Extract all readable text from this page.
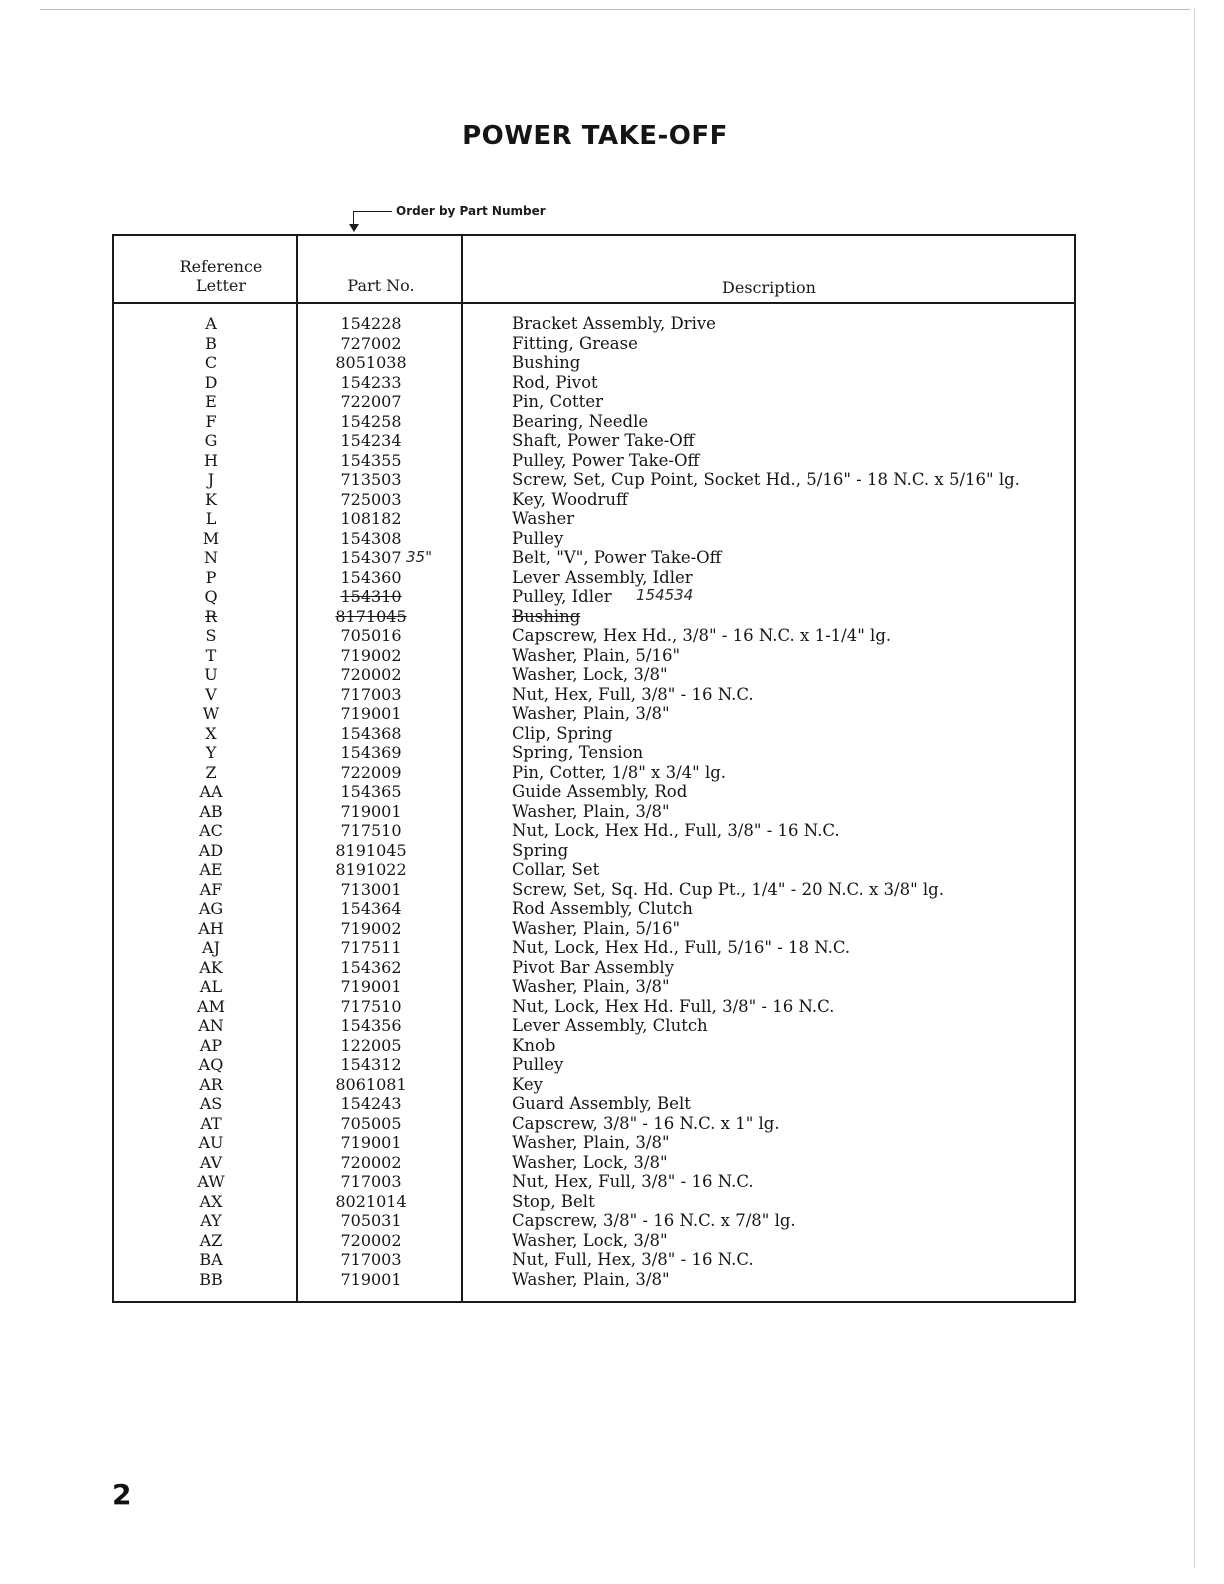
POWER TAKE-OFF
Order by Part Number
Reference
Letter	Part No.	Description
A	154228	Bracket Assembly, Drive
B	727002	Fitting, Grease
C	8051038	Bushing
D	154233	Rod, Pivot
E	722007	Pin, Cotter
F	154258	Bearing, Needle
G	154234	Shaft, Power Take-Off
H	154355	Pulley, Power Take-Off
J	713503	Screw, Set, Cup Point, Socket Hd., 5/16" - 18 N.C. x 5/16" lg.
K	725003	Key, Woodruff
L	108182	Washer
M	154308	Pulley
N	154307	Belt, "V", Power Take-Off
P	154360	Lever Assembly, Idler
Q	154310	Pulley, Idler
R	8171045	Bushing
S	705016	Capscrew, Hex Hd., 3/8" - 16 N.C. x 1-1/4" lg.
T	719002	Washer, Plain, 5/16"
U	720002	Washer, Lock, 3/8"
V	717003	Nut, Hex, Full, 3/8" - 16 N.C.
W	719001	Washer, Plain, 3/8"
X	154368	Clip, Spring
Y	154369	Spring, Tension
Z	722009	Pin, Cotter, 1/8" x 3/4" lg.
AA	154365	Guide Assembly, Rod
AB	719001	Washer, Plain, 3/8"
AC	717510	Nut, Lock, Hex Hd., Full, 3/8" - 16 N.C.
AD	8191045	Spring
AE	8191022	Collar, Set
AF	713001	Screw, Set, Sq. Hd. Cup Pt., 1/4" - 20 N.C. x 3/8" lg.
AG	154364	Rod Assembly, Clutch
AH	719002	Washer, Plain, 5/16"
AJ	717511	Nut, Lock, Hex Hd., Full, 5/16" - 18 N.C.
AK	154362	Pivot Bar Assembly
AL	719001	Washer, Plain, 3/8"
AM	717510	Nut, Lock, Hex Hd. Full, 3/8" - 16 N.C.
AN	154356	Lever Assembly, Clutch
AP	122005	Knob
AQ	154312	Pulley
AR	8061081	Key
AS	154243	Guard Assembly, Belt
AT	705005	Capscrew, 3/8" - 16 N.C. x 1" lg.
AU	719001	Washer, Plain, 3/8"
AV	720002	Washer, Lock, 3/8"
AW	717003	Nut, Hex, Full, 3/8" - 16 N.C.
AX	8021014	Stop, Belt
AY	705031	Capscrew, 3/8" - 16 N.C. x 7/8" lg.
AZ	720002	Washer, Lock, 3/8"
BA	717003	Nut, Full, Hex, 3/8" - 16 N.C.
BB	719001	Washer, Plain, 3/8"
35"
154534
2
